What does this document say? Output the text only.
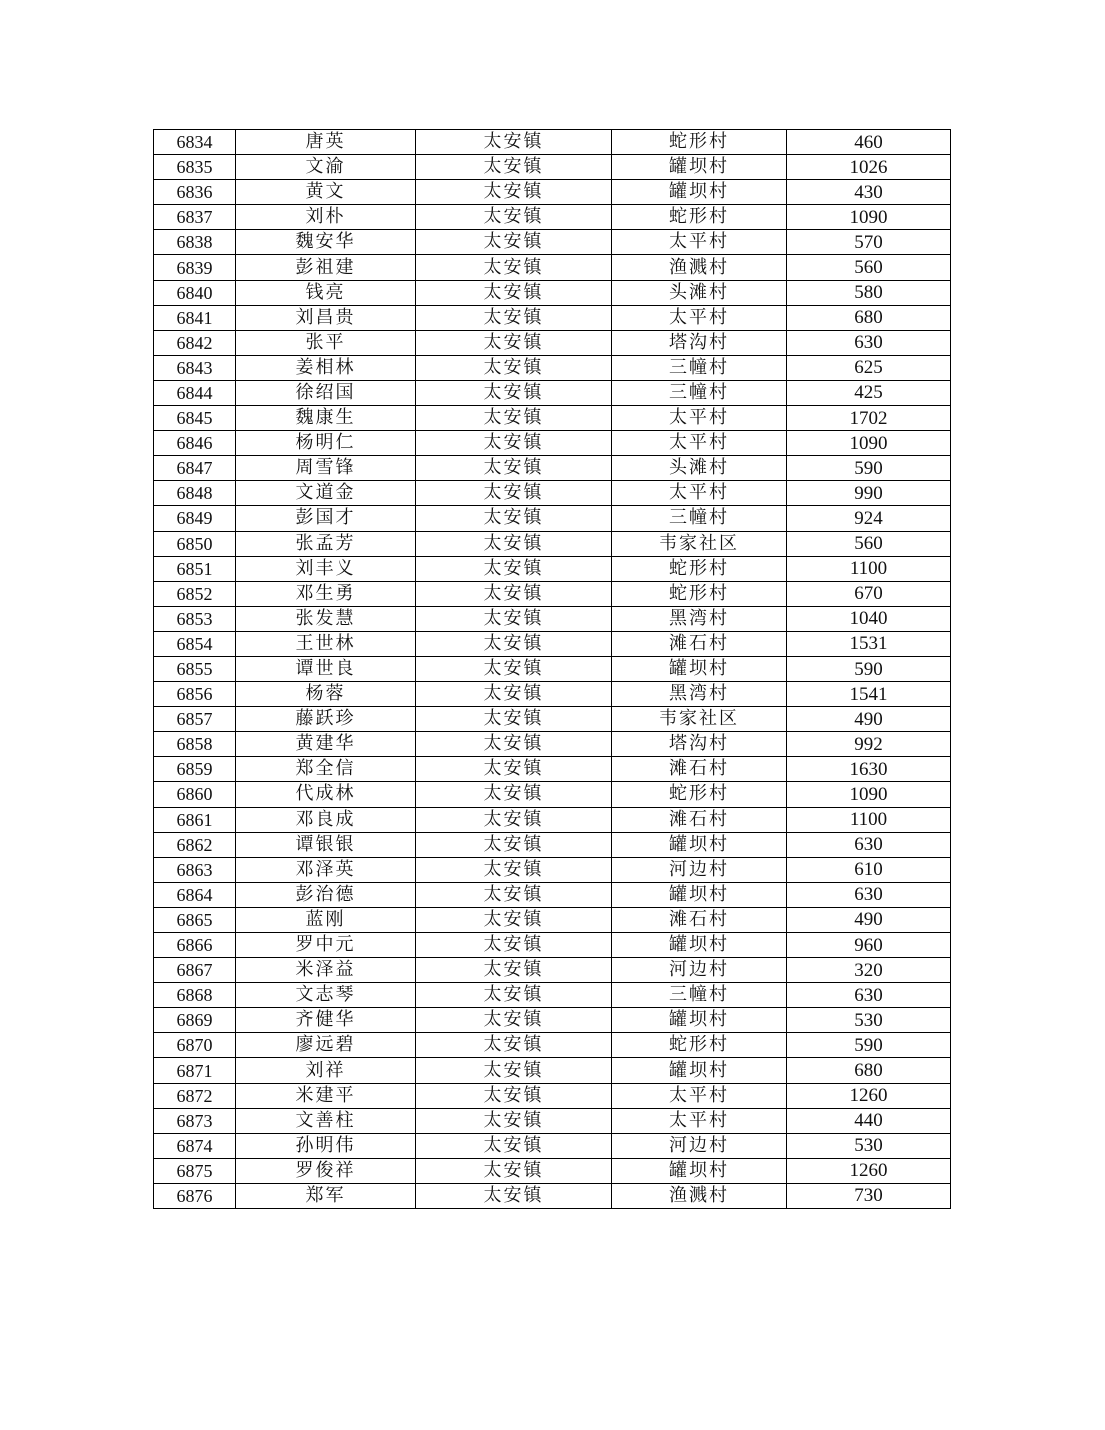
6834	唐英	太安镇	蛇形村	460
6835	文渝	太安镇	罐坝村	1026
6836	黄文	太安镇	罐坝村	430
6837	刘朴	太安镇	蛇形村	1090
6838	魏安华	太安镇	太平村	570
6839	彭祖建	太安镇	渔溅村	560
6840	钱亮	太安镇	头滩村	580
6841	刘昌贵	太安镇	太平村	680
6842	张平	太安镇	塔沟村	630
6843	姜相林	太安镇	三幢村	625
6844	徐绍国	太安镇	三幢村	425
6845	魏康生	太安镇	太平村	1702
6846	杨明仁	太安镇	太平村	1090
6847	周雪锋	太安镇	头滩村	590
6848	文道金	太安镇	太平村	990
6849	彭国才	太安镇	三幢村	924
6850	张孟芳	太安镇	韦家社区	560
6851	刘丰义	太安镇	蛇形村	1100
6852	邓生勇	太安镇	蛇形村	670
6853	张发慧	太安镇	黑湾村	1040
6854	王世林	太安镇	滩石村	1531
6855	谭世良	太安镇	罐坝村	590
6856	杨蓉	太安镇	黑湾村	1541
6857	藤跃珍	太安镇	韦家社区	490
6858	黄建华	太安镇	塔沟村	992
6859	郑全信	太安镇	滩石村	1630
6860	代成林	太安镇	蛇形村	1090
6861	邓良成	太安镇	滩石村	1100
6862	谭银银	太安镇	罐坝村	630
6863	邓泽英	太安镇	河边村	610
6864	彭治德	太安镇	罐坝村	630
6865	蓝刚	太安镇	滩石村	490
6866	罗中元	太安镇	罐坝村	960
6867	米泽益	太安镇	河边村	320
6868	文志琴	太安镇	三幢村	630
6869	齐健华	太安镇	罐坝村	530
6870	廖远碧	太安镇	蛇形村	590
6871	刘祥	太安镇	罐坝村	680
6872	米建平	太安镇	太平村	1260
6873	文善柱	太安镇	太平村	440
6874	孙明伟	太安镇	河边村	530
6875	罗俊祥	太安镇	罐坝村	1260
6876	郑军	太安镇	渔溅村	730
